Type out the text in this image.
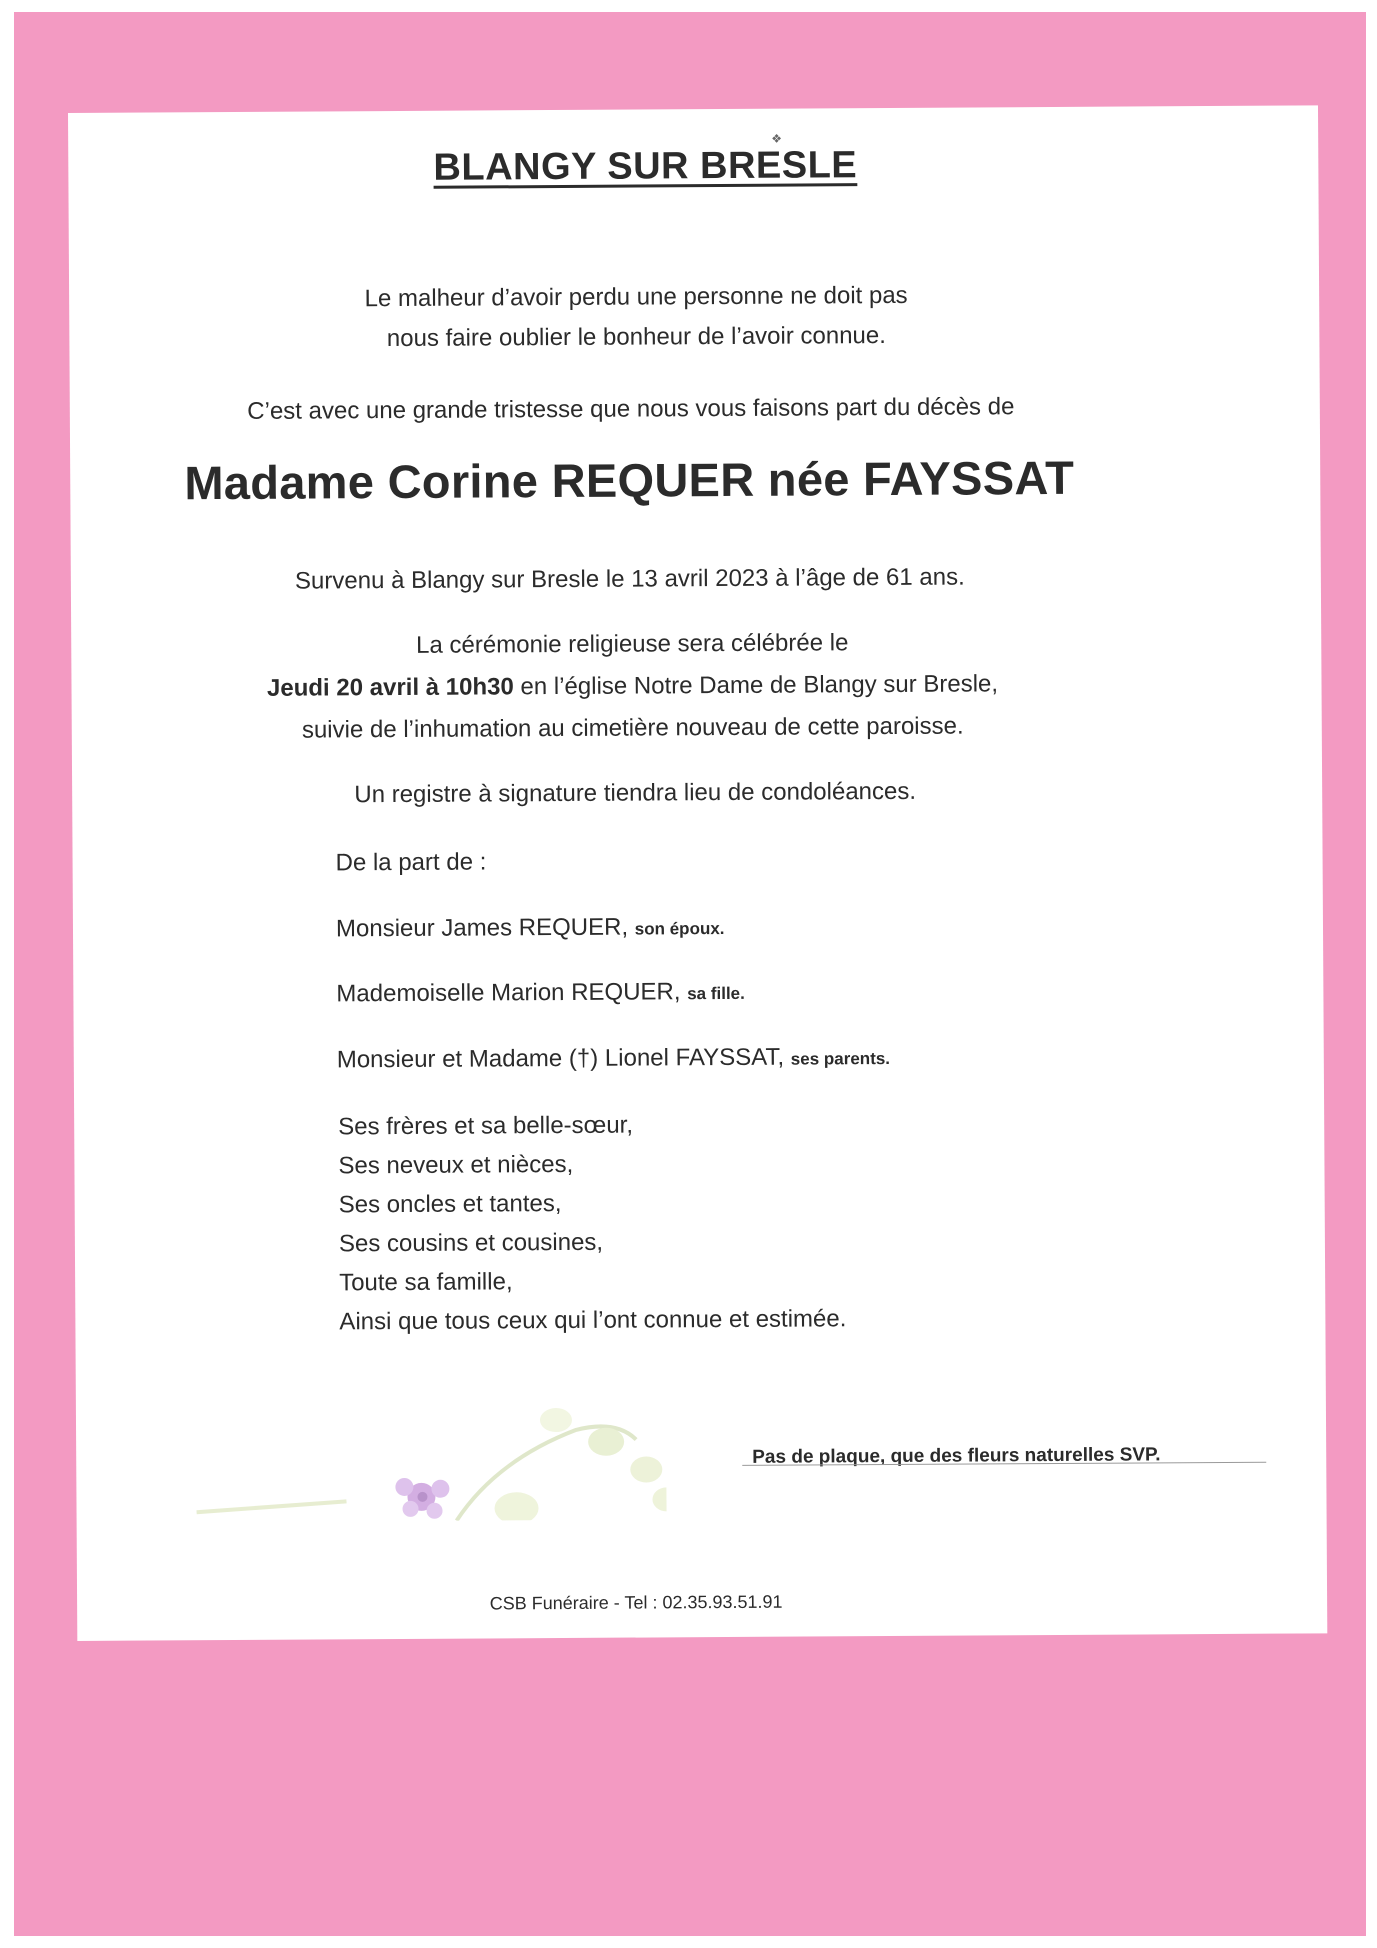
❖
BLANGY SUR BRESLE
Le malheur d’avoir perdu une personne ne doit pas
nous faire oublier le bonheur de l’avoir connue.
C’est avec une grande tristesse que nous vous faisons part du décès de
Madame Corine REQUER née FAYSSAT
Survenu à Blangy sur Bresle le 13 avril 2023 à l’âge de 61 ans.
La cérémonie religieuse sera célébrée le
Jeudi 20 avril à 10h30 en l’église Notre Dame de Blangy sur Bresle,
suivie de l’inhumation au cimetière nouveau de cette paroisse.
Un registre à signature tiendra lieu de condoléances.
De la part de :
Monsieur James REQUER, son époux.
Mademoiselle Marion REQUER, sa fille.
Monsieur et Madame (†) Lionel FAYSSAT, ses parents.
Ses frères et sa belle-sœur,
Ses neveux et nièces,
Ses oncles et tantes,
Ses cousins et cousines,
Toute sa famille,
Ainsi que tous ceux qui l’ont connue et estimée.
Pas de plaque, que des fleurs naturelles SVP.
CSB Funéraire - Tel : 02.35.93.51.91
